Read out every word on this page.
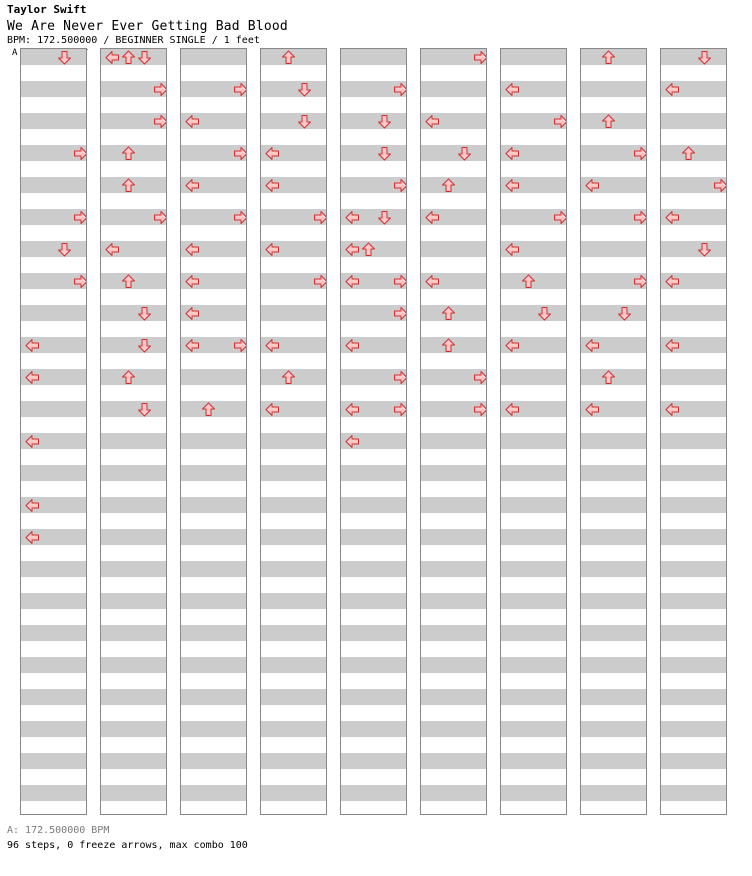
Taylor Swift
We Are Never Ever Getting Bad Blood
BPM: 172.500000 / BEGINNER SINGLE / 1 feet
A
A: 172.500000 BPM
96 steps, 0 freeze arrows, max combo 100
